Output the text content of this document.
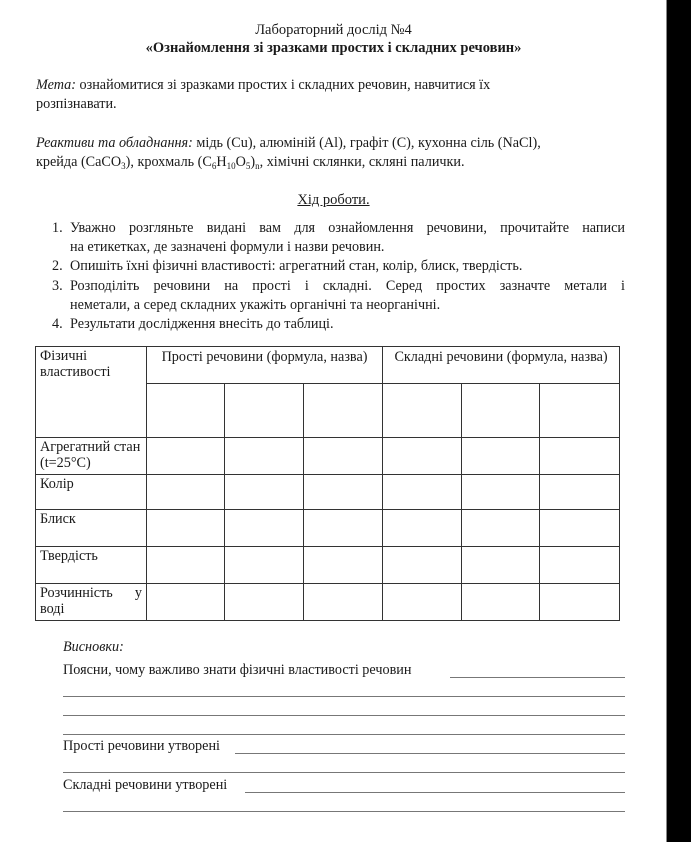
Лабораторний дослід №4
«Ознайомлення зі зразками простих і складних речовин»
Мета: ознайомитися зі зразками простих і складних речовин, навчитися їх
розпізнавати.
Реактиви та обладнання: мідь (Cu), алюміній (Al), графіт (C), кухонна сіль (NaCl),
крейда (CaCO$_3$), крохмаль $(C_6H_{10}O_5)_n$, хімічні склянки, скляні палички.
Хід роботи.
1. Уважно розгляньте видані вам для ознайомлення речовини, прочитайте написи
на етикетках, де зазначені формули і назви речовин.
2. Опишіть їхні фізичні властивості: агрегатний стан, колір, блиск, твердість.
3. Розподіліть речовини на прості і складні. Серед простих зазначте метали і
неметали, а серед складних укажіть органічні та неорганічні.
4. Результати дослідження внесіть до таблиці.
Фізичні властивості	Прості речовини (формула, назва)			Складні речовини (формула, назва)		

Агрегатний стан (t=25°C)						

Колір						

Блиск						

Твердість						

Розчинність у воді						

Висновки:
Поясни, чому важливо знати фізичні властивості речовин
Прості речовини утворені
Складні речовини утворені
